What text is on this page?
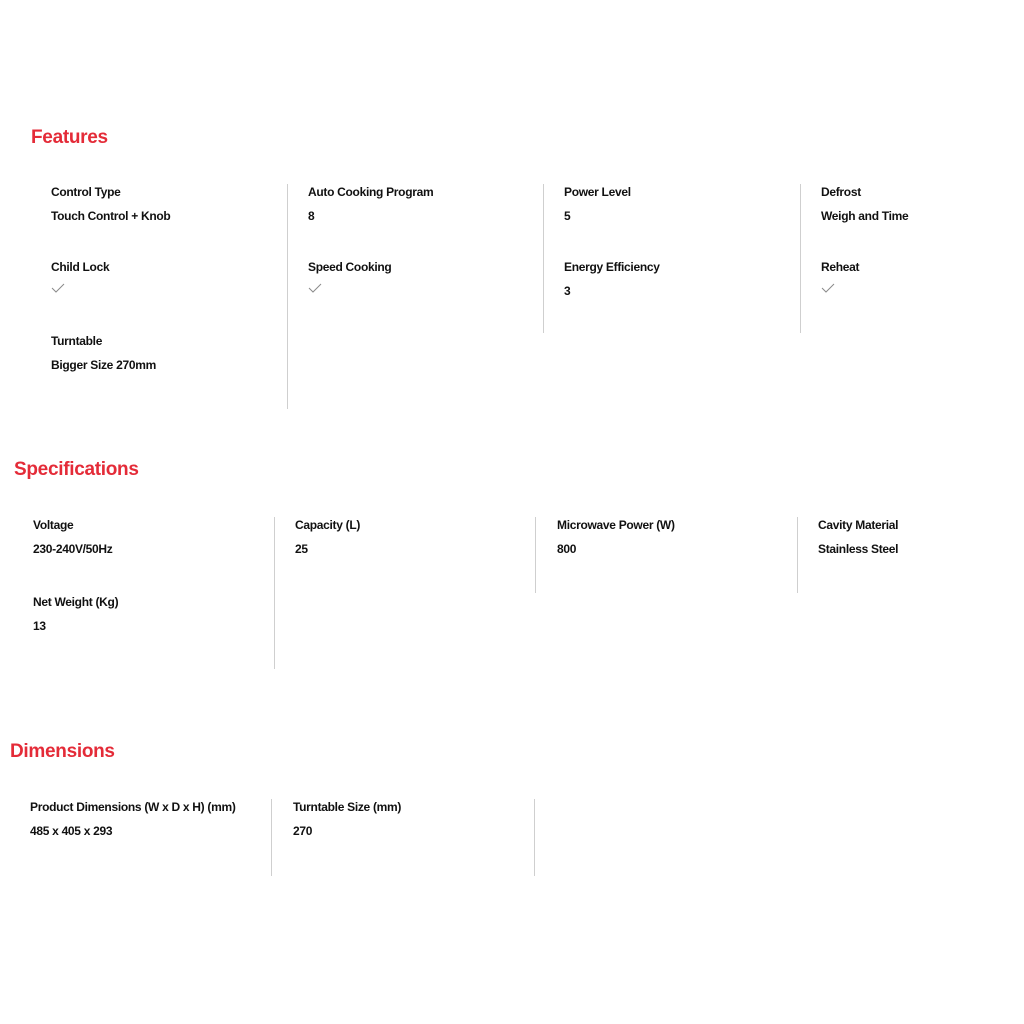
Features
Control Type
Touch Control + Knob
Auto Cooking Program
8
Power Level
5
Defrost
Weigh and Time
Child Lock	Speed Cooking	Energy Efficiency
3
Reheat
Turntable
Bigger Size 270mm
Specifications
Voltage
230-240V/50Hz
Capacity (L)
25
Microwave Power (W)
800
Cavity Material
Stainless Steel
Net Weight (Kg)
13
Dimensions
Product Dimensions (W x D x H) (mm)
485 x 405 x 293
Turntable Size (mm)
270
